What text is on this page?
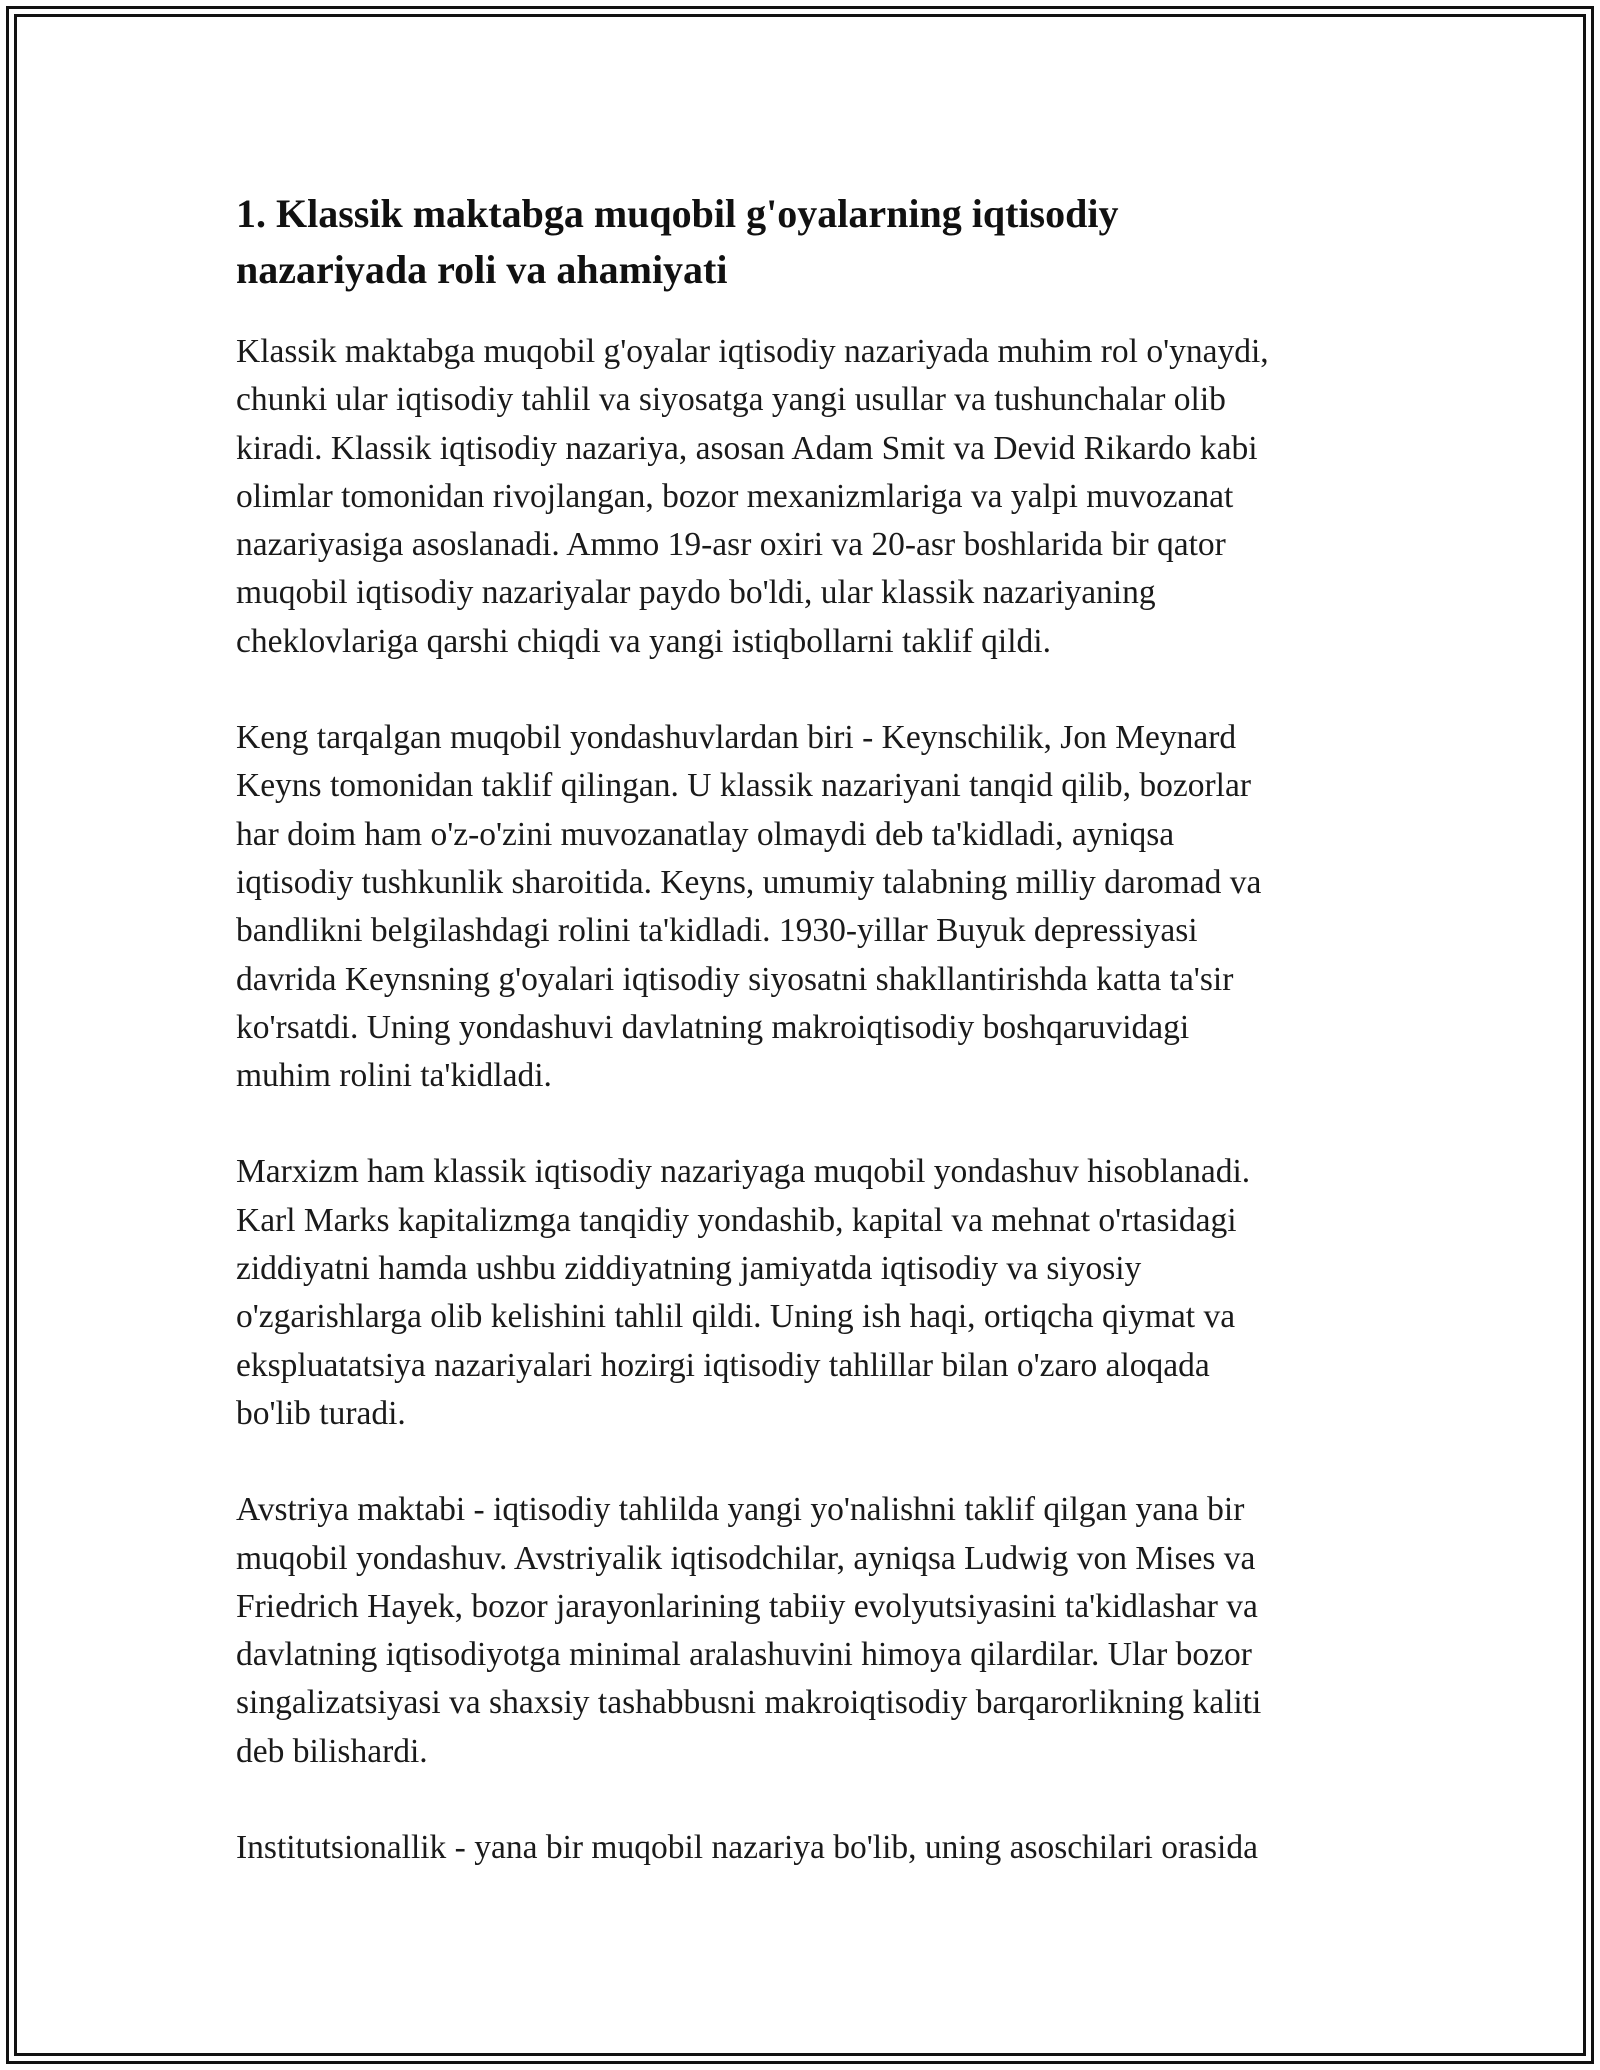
1. Klassik maktabga muqobil g'oyalarning iqtisodiy
nazariyada roli va ahamiyati

Klassik maktabga muqobil g'oyalar iqtisodiy nazariyada muhim rol o'ynaydi,
chunki ular iqtisodiy tahlil va siyosatga yangi usullar va tushunchalar olib
kiradi. Klassik iqtisodiy nazariya, asosan Adam Smit va Devid Rikardo kabi
olimlar tomonidan rivojlangan, bozor mexanizmlariga va yalpi muvozanat
nazariyasiga asoslanadi. Ammo 19-asr oxiri va 20-asr boshlarida bir qator
muqobil iqtisodiy nazariyalar paydo bo'ldi, ular klassik nazariyaning
cheklovlariga qarshi chiqdi va yangi istiqbollarni taklif qildi.

Keng tarqalgan muqobil yondashuvlardan biri - Keynschilik, Jon Meynard
Keyns tomonidan taklif qilingan. U klassik nazariyani tanqid qilib, bozorlar
har doim ham o'z-o'zini muvozanatlay olmaydi deb ta'kidladi, ayniqsa
iqtisodiy tushkunlik sharoitida. Keyns, umumiy talabning milliy daromad va
bandlikni belgilashdagi rolini ta'kidladi. 1930-yillar Buyuk depressiyasi
davrida Keynsning g'oyalari iqtisodiy siyosatni shakllantirishda katta ta'sir
ko'rsatdi. Uning yondashuvi davlatning makroiqtisodiy boshqaruvidagi
muhim rolini ta'kidladi.

Marxizm ham klassik iqtisodiy nazariyaga muqobil yondashuv hisoblanadi.
Karl Marks kapitalizmga tanqidiy yondashib, kapital va mehnat o'rtasidagi
ziddiyatni hamda ushbu ziddiyatning jamiyatda iqtisodiy va siyosiy
o'zgarishlarga olib kelishini tahlil qildi. Uning ish haqi, ortiqcha qiymat va
ekspluatatsiya nazariyalari hozirgi iqtisodiy tahlillar bilan o'zaro aloqada
bo'lib turadi.

Avstriya maktabi - iqtisodiy tahlilda yangi yo'nalishni taklif qilgan yana bir
muqobil yondashuv. Avstriyalik iqtisodchilar, ayniqsa Ludwig von Mises va
Friedrich Hayek, bozor jarayonlarining tabiiy evolyutsiyasini ta'kidlashar va
davlatning iqtisodiyotga minimal aralashuvini himoya qilardilar. Ular bozor
singalizatsiyasi va shaxsiy tashabbusni makroiqtisodiy barqarorlikning kaliti
deb bilishardi.

Institutsionallik - yana bir muqobil nazariya bo'lib, uning asoschilari orasida
